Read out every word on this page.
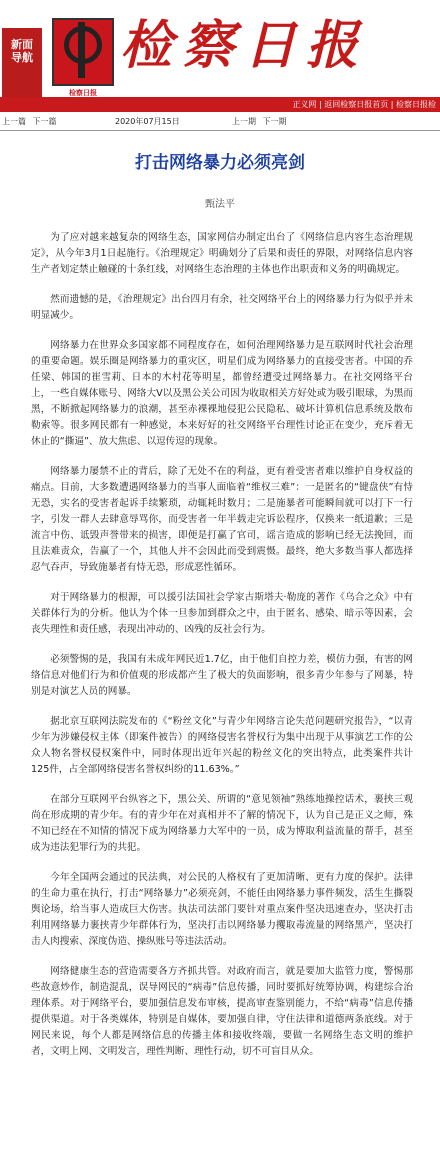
新面
导航
检察日报
检察日报
正义网 | 返回检察日报首页 | 检察日报检
上一篇 下一篇	2020年07月15日	上一期 下一期
打击网络暴力必须亮剑
甄法平

为了应对越来越复杂的网络生态，国家网信办制定出台了《网络信息内容生态治理规定》，从今年3月1日起施行。《治理规定》明确划分了后果和责任的界限，对网络信息内容生产者划定禁止触碰的十条红线，对网络生态治理的主体也作出职责和义务的明确规定。

然而遗憾的是，《治理规定》出台四月有余，社交网络平台上的网络暴力行为似乎并未明显减少。

网络暴力在世界众多国家都不同程度存在，如何治理网络暴力是互联网时代社会治理的重要命题。娱乐圈是网络暴力的重灾区，明星们成为网络暴力的直接受害者。中国的乔任梁、韩国的崔雪莉、日本的木村花等明星，都曾经遭受过网络暴力。在社交网络平台上，一些自媒体账号、网络大V以及黑公关公司因为收取相关方好处或为吸引眼球，为黑而黑，不断掀起网络暴力的浪潮，甚至赤裸裸地侵犯公民隐私、破坏计算机信息系统及散布勒索等。很多网民都有一种感觉，本来好好的社交网络平台理性讨论正在变少，充斥着无休止的“撕逼”、放大焦虑、以逗传逗的现象。

网络暴力屡禁不止的背后，除了无处不在的利益，更有着受害者难以维护自身权益的痛点。目前，大多数遭遇网络暴力的当事人面临着“维权三难”：一是匿名的“键盘侠”有恃无恐，实名的受害者起诉手续繁琐，动辄耗时数月；二是施暴者可能瞬间就可以打下一行字，引发一群人去肆意辱骂你，而受害者一年半载走完诉讼程序，仅换来一纸道歉；三是流言中伤、诋毁声誉带来的损害，即便是打赢了官司，谣言造成的影响已经无法挽回，而且法难责众，告赢了一个，其他人并不会因此而受到震慑。最终，绝大多数当事人都选择忍气吞声，导致施暴者有恃无恐，形成恶性循环。

对于网络暴力的根源，可以援引法国社会学家古斯塔夫·勒庞的著作《乌合之众》中有关群体行为的分析。他认为个体一旦参加到群众之中，由于匿名、感染、暗示等因素，会丧失理性和责任感，表现出冲动的、凶残的反社会行为。

必须警惕的是，我国有未成年网民近1.7亿，由于他们自控力差，模仿力强，有害的网络信息对他们行为和价值观的形成都产生了极大的负面影响，很多青少年参与了网暴，特别是对演艺人员的网暴。

据北京互联网法院发布的《“粉丝文化”与青少年网络言论失范问题研究报告》，“以青少年为涉嫌侵权主体（即案件被告）的网络侵害名誉权行为集中出现于从事演艺工作的公众人物名誉权侵权案件中，同时体现出近年兴起的粉丝文化的突出特点，此类案件共计125件，占全部网络侵害名誉权纠纷的11.63%。”

在部分互联网平台纵容之下，黑公关、所谓的“意见领袖”熟练地操控话术，裹挟三观尚在形成期的青少年。有的青少年在对真相并不了解的情况下，认为自己是正义之师，殊不知已经在不知情的情况下成为网络暴力大军中的一员，成为博取利益流量的帮手，甚至成为违法犯罪行为的共犯。

今年全国两会通过的民法典，对公民的人格权有了更加清晰、更有力度的保护。法律的生命力重在执行，打击“网络暴力”必须亮剑，不能任由网络暴力事件频发，活生生撕裂舆论场，给当事人造成巨大伤害。执法司法部门要针对重点案件坚决迅速查办，坚决打击利用网络暴力裹挟青少年群体行为，坚决打击以网络暴力攫取毒流量的网络黑产，坚决打击人肉搜索、深度伪造、操纵账号等违法活动。

网络健康生态的营造需要各方齐抓共管。对政府而言，就是要加大监管力度，警惕那些故意炒作，制造混乱，误导网民的“病毒”信息传播，同时要抓好统筹协调，构建综合治理体系。对于网络平台，要加强信息发布审核，提高审查鉴别能力，不给“病毒”信息传播提供渠道。对于各类媒体，特别是自媒体，要加强自律，守住法律和道德两条底线。对于网民来说，每个人都是网络信息的传播主体和接收终端，要做一名网络生态文明的维护者，文明上网、文明发言，理性判断、理性行动，切不可盲目从众。
